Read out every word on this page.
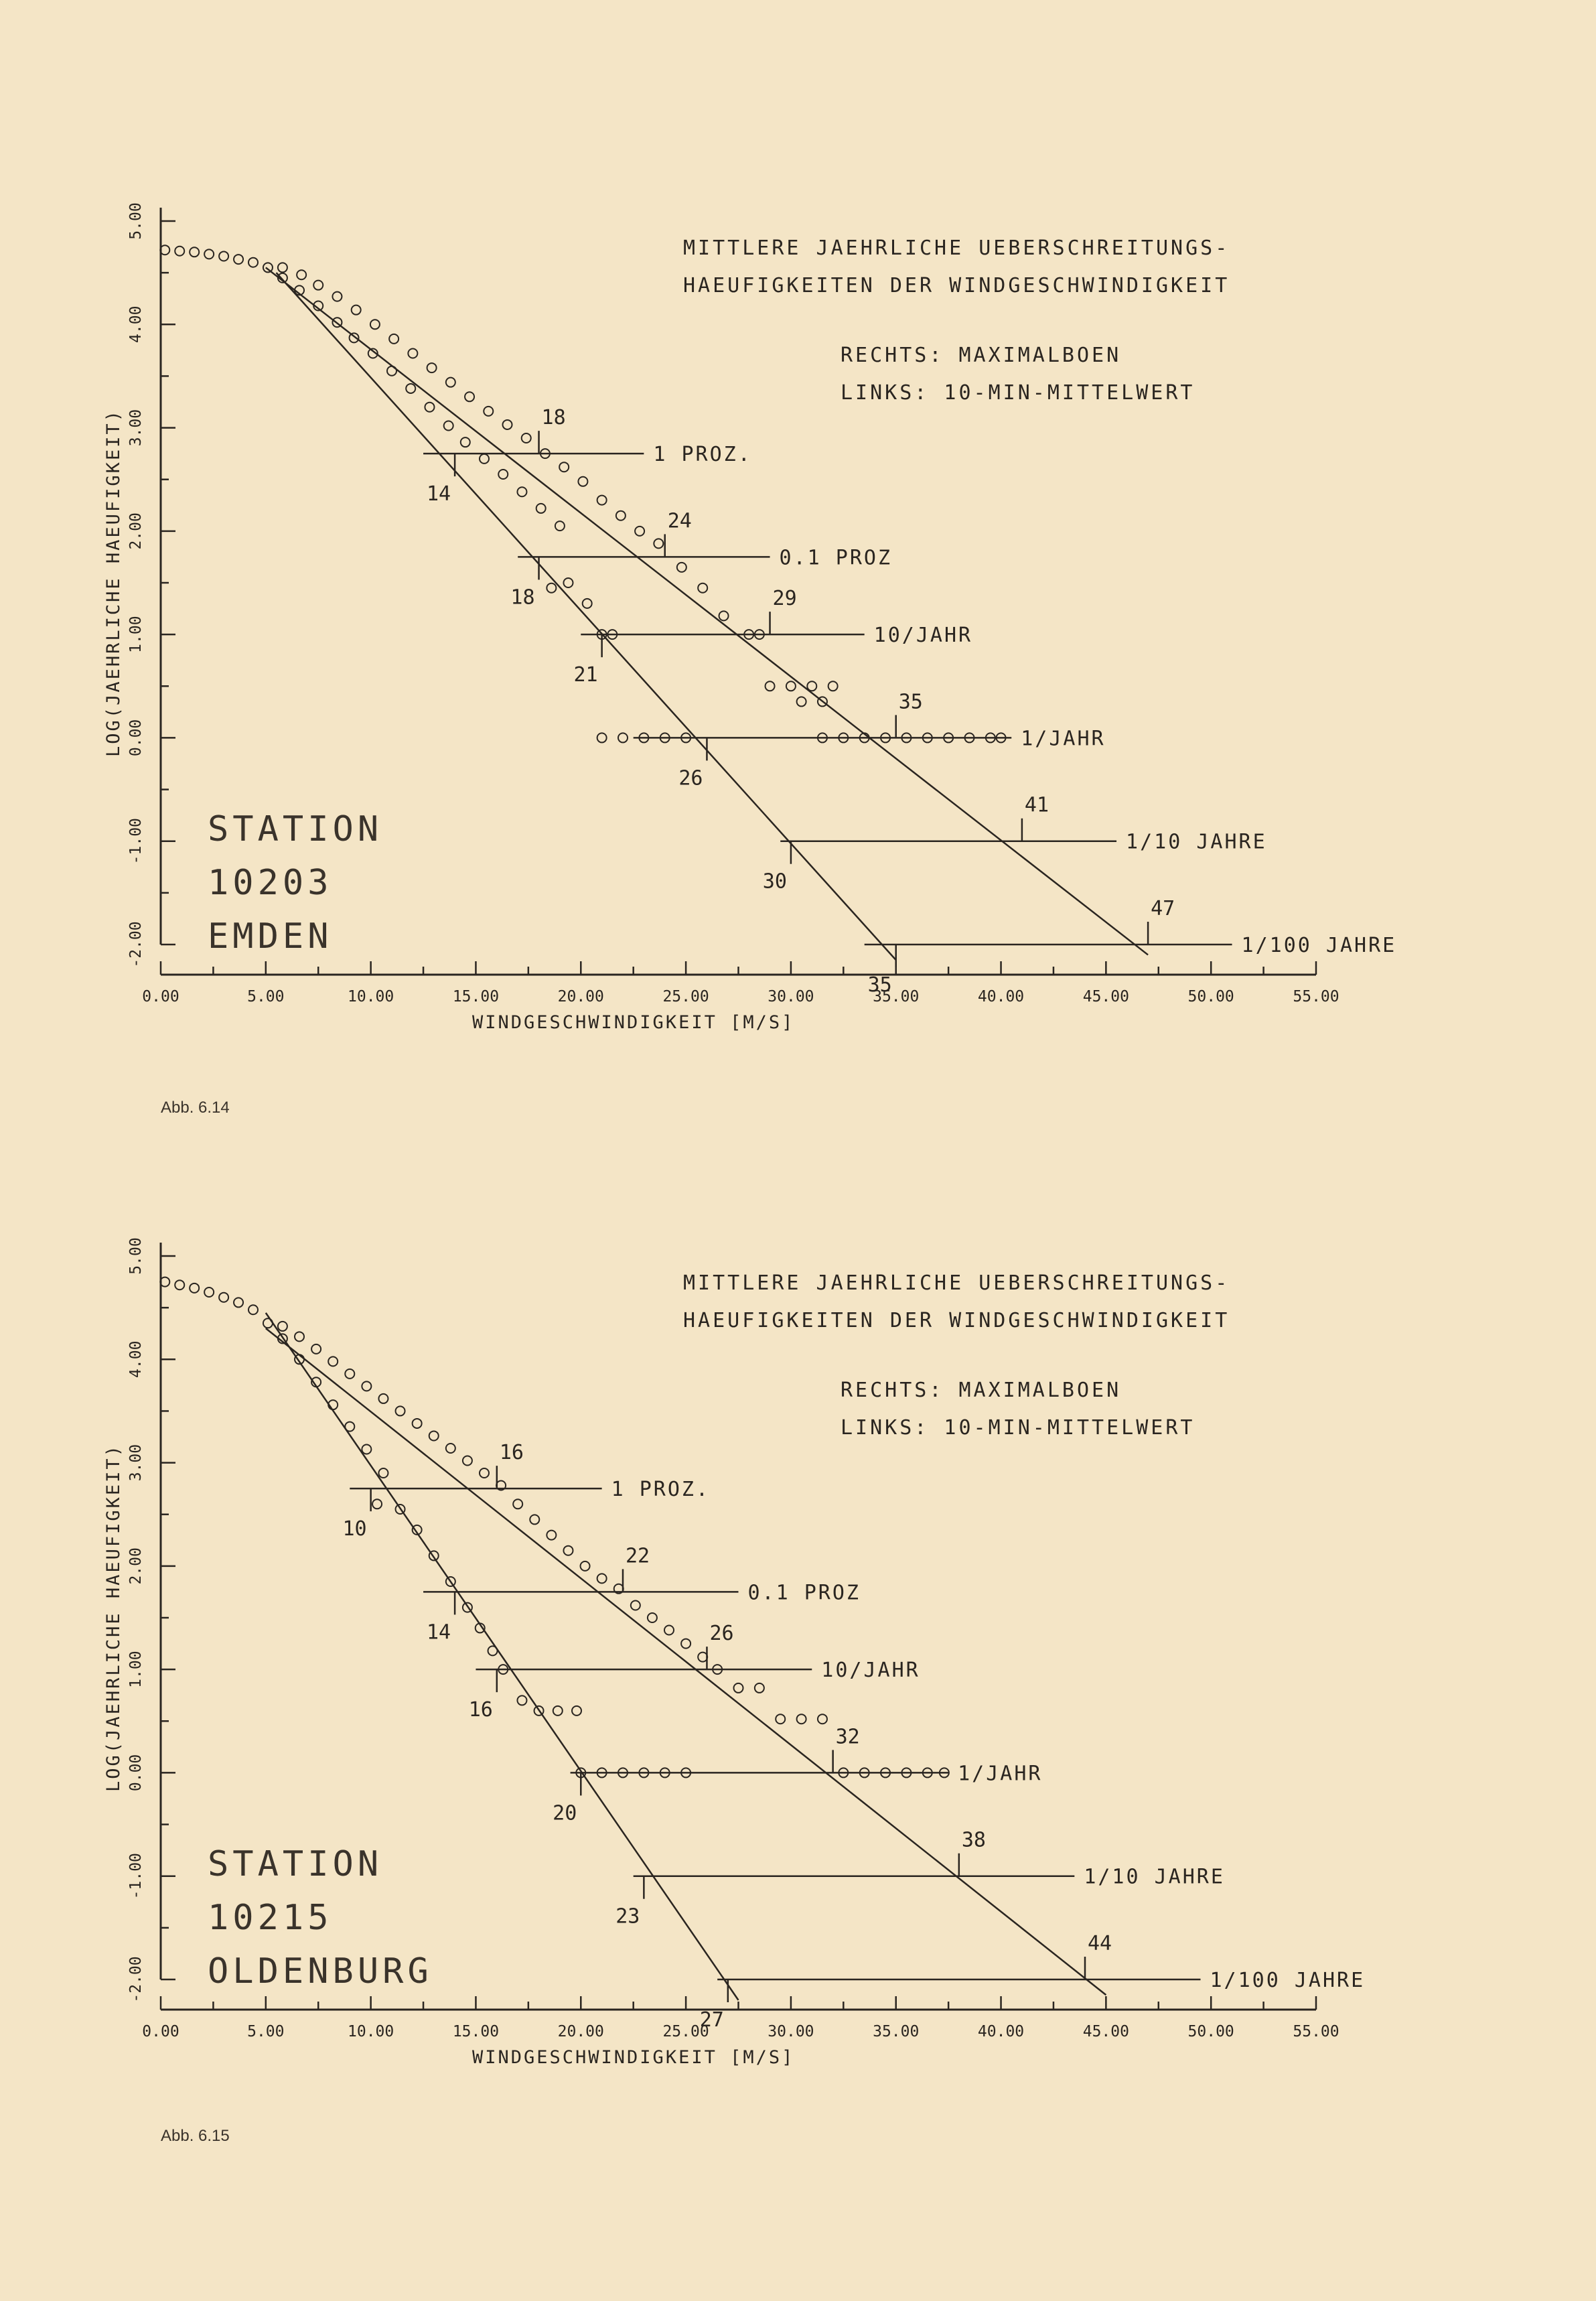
-2.00
-1.00
0.00
1.00
2.00
3.00
4.00
5.00
0.00	5.00	10.00	15.00	20.00	25.00	30.00	35.00	40.00	45.00	50.00	55.00
LOG(JAEHRLICHE HAEUFIGKEIT)
WINDGESCHWINDIGKEIT [M/S]
MITTLERE JAEHRLICHE UEBERSCHREITUNGS-
HAEUFIGKEITEN DER WINDGESCHWINDIGKEIT
RECHTS: MAXIMALBOEN
LINKS: 10-MIN-MITTELWERT
STATION
10203
EMDEN
1 PROZ.
0.1 PROZ
10/JAHR
1/JAHR
1/10 JAHRE
1/100 JAHRE
14
18
21
26
30
35
18
24
29
35
41
47
Abb. 6.14
-2.00
-1.00
0.00
1.00
2.00
3.00
4.00
5.00
0.00	5.00	10.00	15.00	20.00	25.00	30.00	35.00	40.00	45.00	50.00	55.00
LOG(JAEHRLICHE HAEUFIGKEIT)
WINDGESCHWINDIGKEIT [M/S]
MITTLERE JAEHRLICHE UEBERSCHREITUNGS-
HAEUFIGKEITEN DER WINDGESCHWINDIGKEIT
RECHTS: MAXIMALBOEN
LINKS: 10-MIN-MITTELWERT
STATION
10215
OLDENBURG
1 PROZ.
0.1 PROZ
10/JAHR
1/JAHR
1/10 JAHRE
1/100 JAHRE
10
14
16
20
23
27
16
22
26
32
38
44
Abb. 6.15
